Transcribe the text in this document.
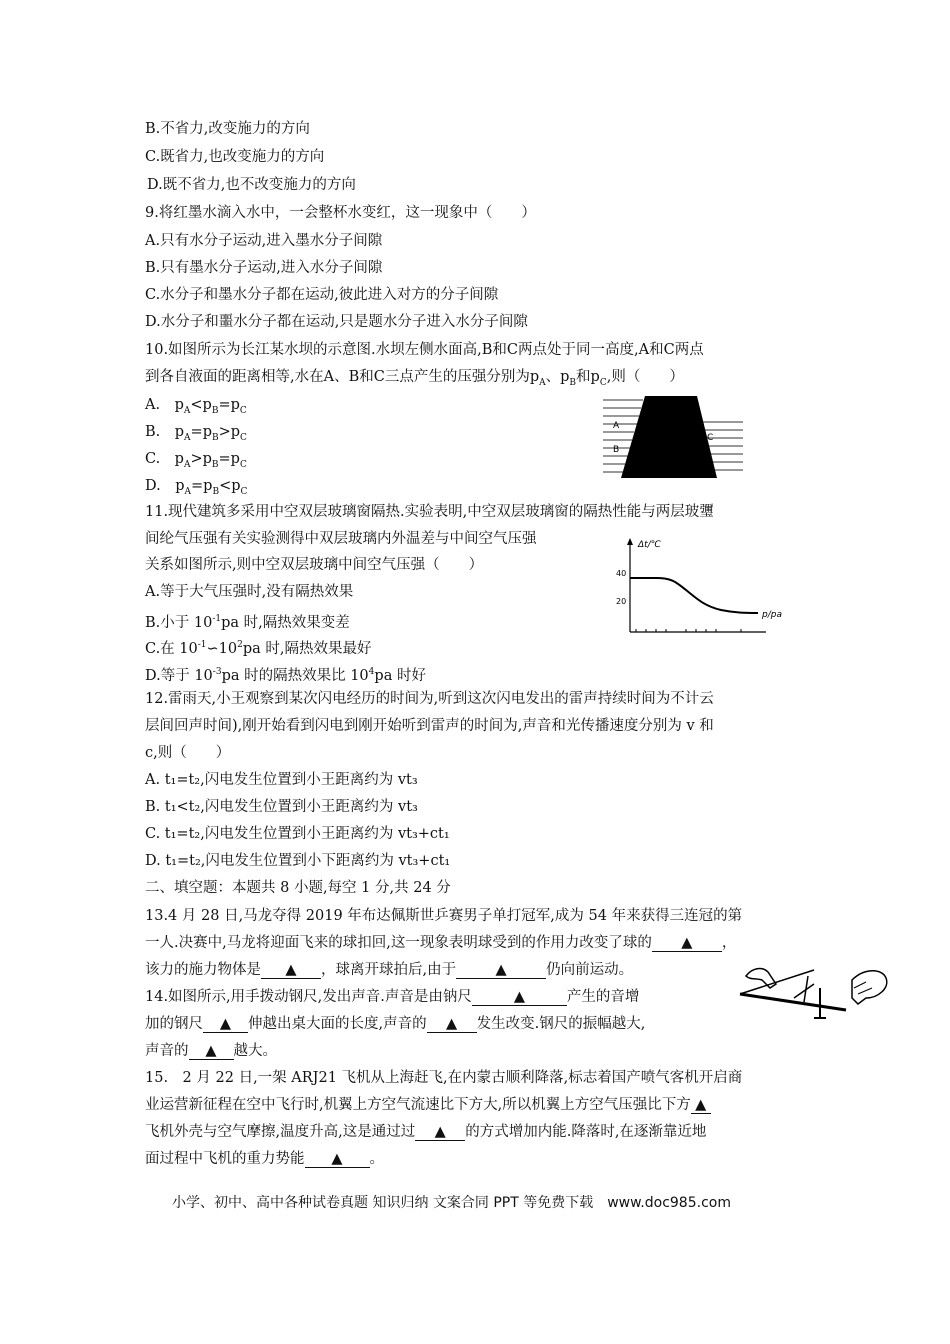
B.不省力,改变施力的方向
C.既省力,也改变施力的方向
D.既不省力,也不改变施力的方向
9.将红墨水滴入水中，一会整杯水变红，这一现象中（　　）
A.只有水分子运动,进入墨水分子间隙
B.只有墨水分子运动,进入水分子间隙
C.水分子和墨水分子都在运动,彼此进入对方的分子间隙
D.水分子和噩水分子都在运动,只是题水分子进入水分子间隙
10.如图所示为长江某水坝的示意图.水坝左侧水面高,B和C两点处于同一高度,A和C两点
到各自液面的距离相等,水在A、B和C三点产生的压强分别为$p_A$、$p_B$和$p_C$,则（　　）
A.　$p_A<p_B=p_C$
B.　$p_A=p_B>p_C$
C.　$p_A>p_B=p_C$
D.　$p_A=p_B<p_C$
A
B
C
11.现代建筑多采用中空双层玻璃窗隔热.实验表明,中空双层玻璃窗的隔热性能与两层玻瓕
间纶气压强有关实验测得中双层玻璃内外温差与中间空气压强
关系如图所示,则中空双层玻璃中间空气压强（　　）
A.等于大气压强时,没有隔热效果
B.小于 $10^{-1}pa$ 时,隔热效果变差
C.在 $10^{-1}∽10^2pa$ 时,隔热效果最好
D.等于 $10^{-3}pa$ 时的隔热效果比 $10^4pa$ 时好
Δt/℃
40
20
p/pa
12.雷雨天,小王观察到某次闪电经历的时间为,听到这次闪电发出的雷声持续时间为不计云
层间回声时间),刚开始看到闪电到刚开始听到雷声的时间为,声音和光传播速度分别为 v 和
c,则（　　）
A. t₁=t₂,闪电发生位置到小王距离约为 vt₃
B. t₁<t₂,闪电发生位置到小王距离约为 vt₃
C. t₁=t₂,闪电发生位置到小王距离约为 vt₃+ct₁
D. t₁=t₂,闪电发生位置到小下距离约为 vt₃+ct₁
二、填空题：本题共 8 小题,每空 1 分,共 24 分
13.4 月 28 日,马龙夺得 2019 年布达佩斯世乒赛男子单打冠军,成为 54 年来获得三连冠的第
一人.决赛中,马龙将迎面飞来的球扣回,这一现象表明球受到的作用力改变了球的 ▲ ，
该力的施力物体是 ▲ ，球离开球拍后,由于	▲	仍向前运动。
14.如图所示,用手拨动钢尺,发出声音.声音是由钠尺	▲	产生的音增
加的钢尺 ▲ 伸越出桌大面的长度,声音的 ▲ 发生改变.钢尺的振幅越大,
声音的 ▲ 越大。
15.　2 月 22 日,一架 ARJ21 飞机从上海赶飞,在内蒙古顺利降落,标志着国产喷气客机开启商
业运营新征程在空中飞行时,机翼上方空气流速比下方大,所以机翼上方空气压强比下方 ▲
飞机外壳与空气摩擦,温度升高,这是通过过 ▲ 的方式增加内能.降落时,在逐渐靠近地
面过程中飞机的重力势能 ▲ 。
小学、初中、高中各种试卷真题 知识归纳 文案合同 PPT 等免费下载　www.doc985.com
